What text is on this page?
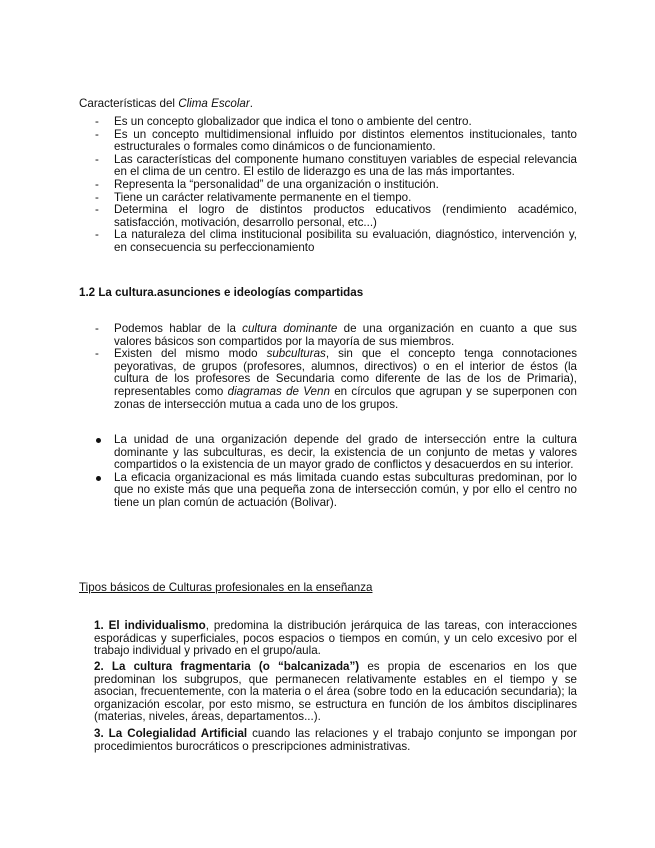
Características del Clima Escolar.
-	Es un concepto globalizador que indica el tono o ambiente del centro.
-	Es un concepto multidimensional influido por distintos elementos institucionales, tanto estructurales o formales como dinámicos o de funcionamiento.
-	Las características del componente humano constituyen variables de especial relevancia en el clima de un centro. El estilo de liderazgo es una de las más importantes.
-	Representa la “personalidad” de una organización o institución.
-	Tiene un carácter relativamente permanente en el tiempo.
-	Determina el logro de distintos productos educativos (rendimiento académico, satisfacción, motivación, desarrollo personal, etc...)
-	La naturaleza del clima institucional posibilita su evaluación, diagnóstico, intervención y, en consecuencia su perfeccionamiento
1.2 La cultura.asunciones e ideologías compartidas
-	Podemos hablar de la cultura dominante de una organización en cuanto a que sus valores básicos son compartidos por la mayoría de sus miembros.
-	Existen del mismo modo subculturas, sin que el concepto tenga connotaciones peyorativas, de grupos (profesores, alumnos, directivos) o en el interior de éstos (la cultura de los profesores de Secundaria como diferente de las de los de Primaria), representables como diagramas de Venn en círculos que agrupan y se superponen con zonas de intersección mutua a cada uno de los grupos.
La unidad de una organización depende del grado de intersección entre la cultura dominante y las subculturas, es decir, la existencia de un conjunto de metas y valores compartidos o la existencia de un mayor grado de conflictos y desacuerdos en su interior.
La eficacia organizacional es más limitada cuando estas subculturas predominan, por lo que no existe más que una pequeña zona de intersección común, y por ello el centro no tiene un plan común de actuación (Bolivar).
Tipos básicos de Culturas profesionales en la enseñanza

1. El individualismo, predomina la distribución jerárquica de las tareas, con interacciones esporádicas y superficiales, pocos espacios o tiempos en común, y un celo excesivo por el trabajo individual y privado en el grupo/aula.

2. La cultura fragmentaria (o “balcanizada”) es propia de escenarios en los que predominan los subgrupos, que permanecen relativamente estables en el tiempo y se asocian, frecuentemente, con la materia o el área (sobre todo en la educación secundaria); la organización escolar, por esto mismo, se estructura en función de los ámbitos disciplinares (materias, niveles, áreas, departamentos...).

3. La Colegialidad Artificial cuando las relaciones y el trabajo conjunto se impongan por procedimientos burocráticos o prescripciones administrativas.
